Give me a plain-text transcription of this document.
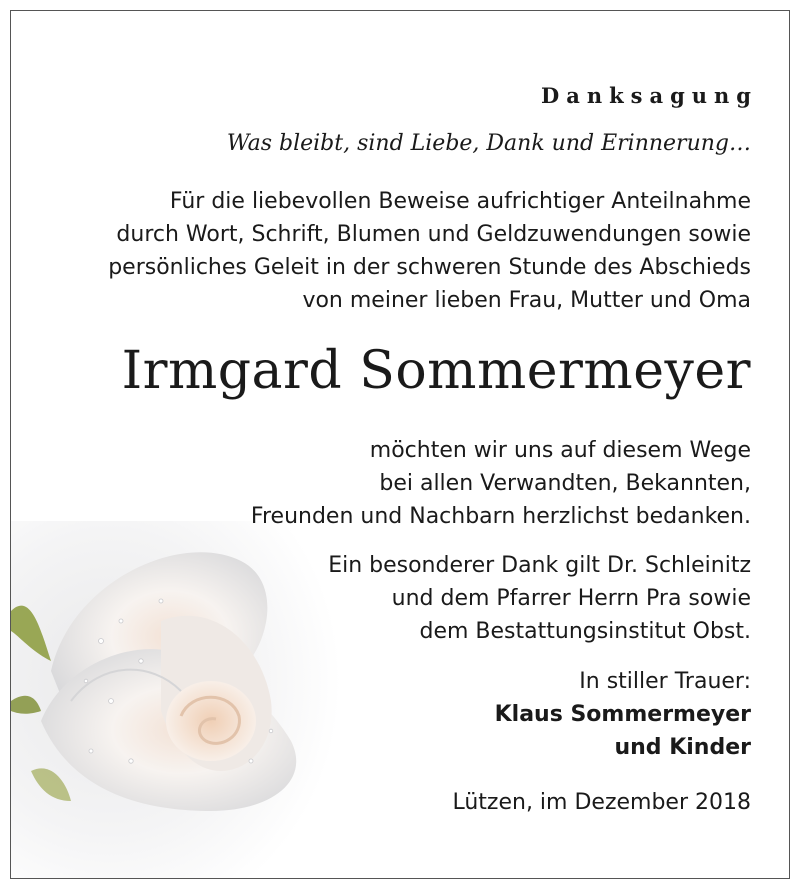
Danksagung
Was bleibt, sind Liebe, Dank und Erinnerung…
Für die liebevollen Beweise aufrichtiger Anteilnahme
durch Wort, Schrift, Blumen und Geldzuwendungen sowie
persönliches Geleit in der schweren Stunde des Abschieds
von meiner lieben Frau, Mutter und Oma
Irmgard Sommermeyer
möchten wir uns auf diesem Wege
bei allen Verwandten, Bekannten,
Freunden und Nachbarn herzlichst bedanken.
Ein besonderer Dank gilt Dr. Schleinitz
und dem Pfarrer Herrn Pra sowie
dem Bestattungsinstitut Obst.
In stiller Trauer:
Klaus Sommermeyer
und Kinder
Lützen, im Dezember 2018
